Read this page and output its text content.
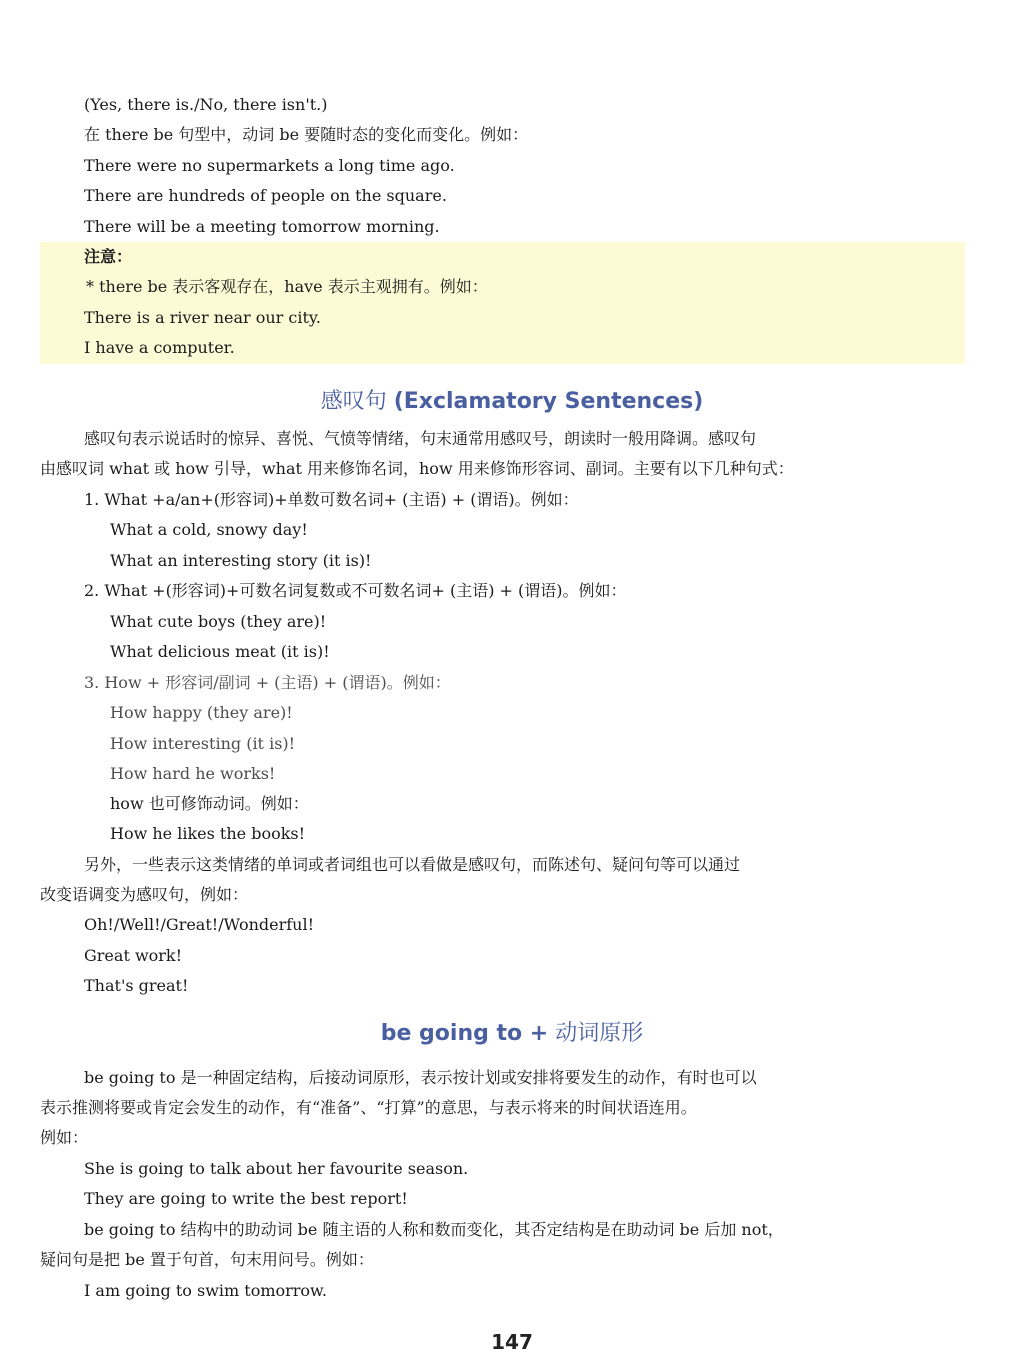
(Yes, there is./No, there isn't.)
在 there be 句型中，动词 be 要随时态的变化而变化。例如：
There were no supermarkets a long time ago.
There are hundreds of people on the square.
There will be a meeting tomorrow morning.
注意：
* there be 表示客观存在，have 表示主观拥有。例如：
There is a river near our city.
I have a computer.
感叹句 (Exclamatory Sentences)
感叹句表示说话时的惊异、喜悦、气愤等情绪，句末通常用感叹号，朗读时一般用降调。感叹句
由感叹词 what 或 how 引导，what 用来修饰名词，how 用来修饰形容词、副词。主要有以下几种句式：
1. What +a/an+(形容词)+单数可数名词+ (主语) + (谓语)。例如：
What a cold, snowy day!
What an interesting story (it is)!
2. What +(形容词)+可数名词复数或不可数名词+ (主语) + (谓语)。例如：
What cute boys (they are)!
What delicious meat (it is)!
3. How + 形容词/副词 + (主语) + (谓语)。例如：
How happy (they are)!
How interesting (it is)!
How hard he works!
how 也可修饰动词。例如：
How he likes the books!
另外，一些表示这类情绪的单词或者词组也可以看做是感叹句，而陈述句、疑问句等可以通过
改变语调变为感叹句，例如：
Oh!/Well!/Great!/Wonderful!
Great work!
That's great!
be going to + 动词原形
be going to 是一种固定结构，后接动词原形，表示按计划或安排将要发生的动作，有时也可以
表示推测将要或肯定会发生的动作，有“准备”、“打算”的意思，与表示将来的时间状语连用。
例如：
She is going to talk about her favourite season.
They are going to write the best report!
be going to 结构中的助动词 be 随主语的人称和数而变化，其否定结构是在助动词 be 后加 not，
疑问句是把 be 置于句首，句末用问号。例如：
I am going to swim tomorrow.
147
